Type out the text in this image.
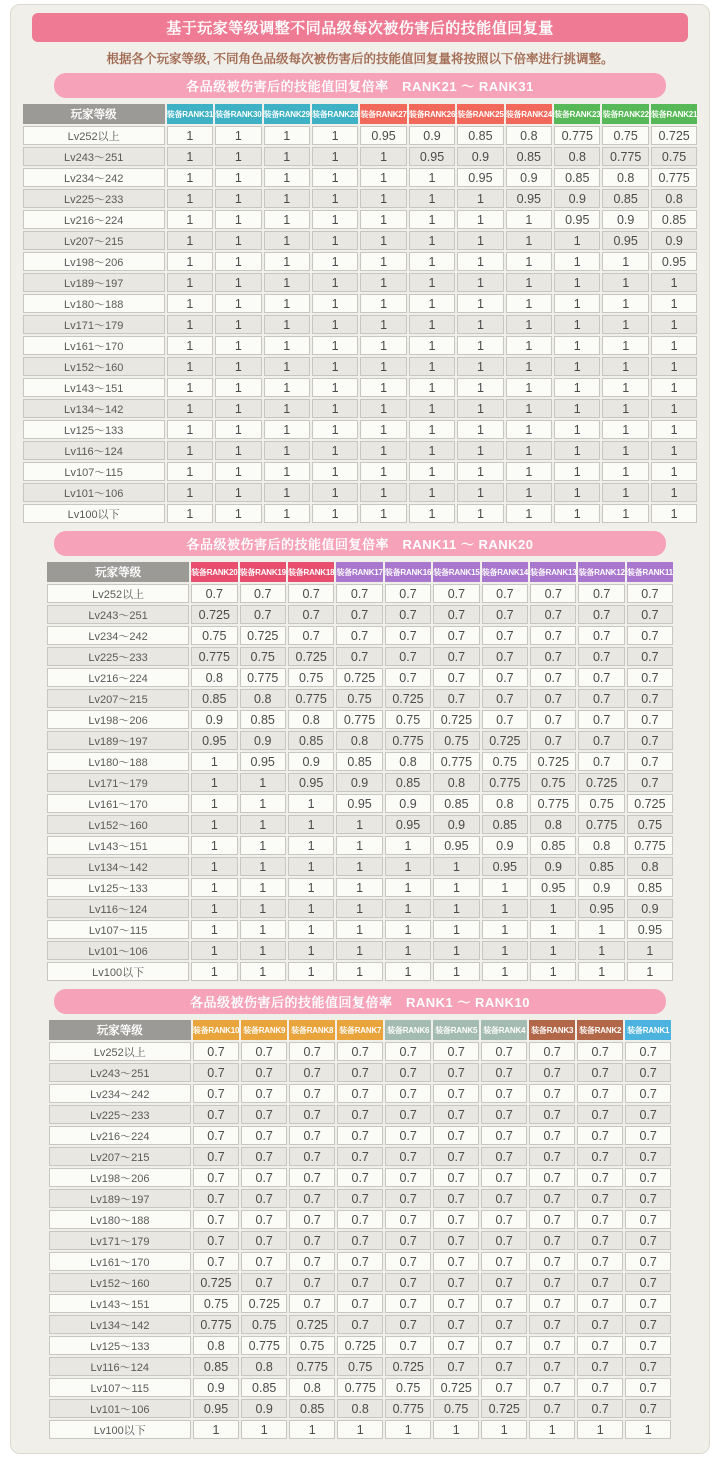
基于玩家等级调整不同品级每次被伤害后的技能值回复量
根据各个玩家等级, 不同角色品级每次被伤害后的技能值回复量将按照以下倍率进行挑调整。
各品级被伤害后的技能值回复倍率　RANK21 ～ RANK31
玩家等级	装备RANK31	装备RANK30	装备RANK29	装备RANK28	装备RANK27	装备RANK26	装备RANK25	装备RANK24	装备RANK23	装备RANK22	装备RANK21
Lv252以上	1	1	1	1	0.95	0.9	0.85	0.8	0.775	0.75	0.725
Lv243～251	1	1	1	1	1	0.95	0.9	0.85	0.8	0.775	0.75
Lv234～242	1	1	1	1	1	1	0.95	0.9	0.85	0.8	0.775
Lv225～233	1	1	1	1	1	1	1	0.95	0.9	0.85	0.8
Lv216～224	1	1	1	1	1	1	1	1	0.95	0.9	0.85
Lv207～215	1	1	1	1	1	1	1	1	1	0.95	0.9
Lv198～206	1	1	1	1	1	1	1	1	1	1	0.95
Lv189～197	1	1	1	1	1	1	1	1	1	1	1
Lv180～188	1	1	1	1	1	1	1	1	1	1	1
Lv171～179	1	1	1	1	1	1	1	1	1	1	1
Lv161～170	1	1	1	1	1	1	1	1	1	1	1
Lv152～160	1	1	1	1	1	1	1	1	1	1	1
Lv143～151	1	1	1	1	1	1	1	1	1	1	1
Lv134～142	1	1	1	1	1	1	1	1	1	1	1
Lv125～133	1	1	1	1	1	1	1	1	1	1	1
Lv116～124	1	1	1	1	1	1	1	1	1	1	1
Lv107～115	1	1	1	1	1	1	1	1	1	1	1
Lv101～106	1	1	1	1	1	1	1	1	1	1	1
Lv100以下	1	1	1	1	1	1	1	1	1	1	1
各品级被伤害后的技能值回复倍率　RANK11 ～ RANK20
玩家等级	装备RANK20	装备RANK19	装备RANK18	装备RANK17	装备RANK16	装备RANK15	装备RANK14	装备RANK13	装备RANK12	装备RANK11
Lv252以上	0.7	0.7	0.7	0.7	0.7	0.7	0.7	0.7	0.7	0.7
Lv243～251	0.725	0.7	0.7	0.7	0.7	0.7	0.7	0.7	0.7	0.7
Lv234～242	0.75	0.725	0.7	0.7	0.7	0.7	0.7	0.7	0.7	0.7
Lv225～233	0.775	0.75	0.725	0.7	0.7	0.7	0.7	0.7	0.7	0.7
Lv216～224	0.8	0.775	0.75	0.725	0.7	0.7	0.7	0.7	0.7	0.7
Lv207～215	0.85	0.8	0.775	0.75	0.725	0.7	0.7	0.7	0.7	0.7
Lv198～206	0.9	0.85	0.8	0.775	0.75	0.725	0.7	0.7	0.7	0.7
Lv189～197	0.95	0.9	0.85	0.8	0.775	0.75	0.725	0.7	0.7	0.7
Lv180～188	1	0.95	0.9	0.85	0.8	0.775	0.75	0.725	0.7	0.7
Lv171～179	1	1	0.95	0.9	0.85	0.8	0.775	0.75	0.725	0.7
Lv161～170	1	1	1	0.95	0.9	0.85	0.8	0.775	0.75	0.725
Lv152～160	1	1	1	1	0.95	0.9	0.85	0.8	0.775	0.75
Lv143～151	1	1	1	1	1	0.95	0.9	0.85	0.8	0.775
Lv134～142	1	1	1	1	1	1	0.95	0.9	0.85	0.8
Lv125～133	1	1	1	1	1	1	1	0.95	0.9	0.85
Lv116～124	1	1	1	1	1	1	1	1	0.95	0.9
Lv107～115	1	1	1	1	1	1	1	1	1	0.95
Lv101～106	1	1	1	1	1	1	1	1	1	1
Lv100以下	1	1	1	1	1	1	1	1	1	1
各品级被伤害后的技能值回复倍率　RANK1 ～ RANK10
玩家等级	装备RANK10	装备RANK9	装备RANK8	装备RANK7	装备RANK6	装备RANK5	装备RANK4	装备RANK3	装备RANK2	装备RANK1
Lv252以上	0.7	0.7	0.7	0.7	0.7	0.7	0.7	0.7	0.7	0.7
Lv243～251	0.7	0.7	0.7	0.7	0.7	0.7	0.7	0.7	0.7	0.7
Lv234～242	0.7	0.7	0.7	0.7	0.7	0.7	0.7	0.7	0.7	0.7
Lv225～233	0.7	0.7	0.7	0.7	0.7	0.7	0.7	0.7	0.7	0.7
Lv216～224	0.7	0.7	0.7	0.7	0.7	0.7	0.7	0.7	0.7	0.7
Lv207～215	0.7	0.7	0.7	0.7	0.7	0.7	0.7	0.7	0.7	0.7
Lv198～206	0.7	0.7	0.7	0.7	0.7	0.7	0.7	0.7	0.7	0.7
Lv189～197	0.7	0.7	0.7	0.7	0.7	0.7	0.7	0.7	0.7	0.7
Lv180～188	0.7	0.7	0.7	0.7	0.7	0.7	0.7	0.7	0.7	0.7
Lv171～179	0.7	0.7	0.7	0.7	0.7	0.7	0.7	0.7	0.7	0.7
Lv161～170	0.7	0.7	0.7	0.7	0.7	0.7	0.7	0.7	0.7	0.7
Lv152～160	0.725	0.7	0.7	0.7	0.7	0.7	0.7	0.7	0.7	0.7
Lv143～151	0.75	0.725	0.7	0.7	0.7	0.7	0.7	0.7	0.7	0.7
Lv134～142	0.775	0.75	0.725	0.7	0.7	0.7	0.7	0.7	0.7	0.7
Lv125～133	0.8	0.775	0.75	0.725	0.7	0.7	0.7	0.7	0.7	0.7
Lv116～124	0.85	0.8	0.775	0.75	0.725	0.7	0.7	0.7	0.7	0.7
Lv107～115	0.9	0.85	0.8	0.775	0.75	0.725	0.7	0.7	0.7	0.7
Lv101～106	0.95	0.9	0.85	0.8	0.775	0.75	0.725	0.7	0.7	0.7
Lv100以下	1	1	1	1	1	1	1	1	1	1
